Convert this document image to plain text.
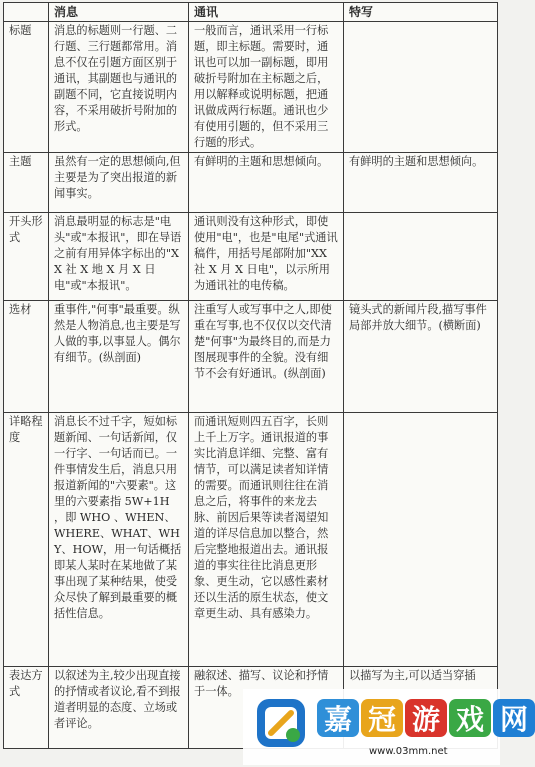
	消息	通讯	特写
标题	消息的标题则一行题、二行题、三行题都常用。消息不仅在引题方面区别于通讯，其副题也与通讯的副题不同，它直接说明内容，不采用破折号附加的形式。	一般而言，通讯采用一行标题，即主标题。需要时，通讯也可以加一副标题，即用破折号附加在主标题之后，用以解释或说明标题，把通讯做成两行标题。通讯也少有使用引题的，但不采用三行题的形式。	
主题	虽然有一定的思想倾向,但主要是为了突出报道的新闻事实。	有鲜明的主题和思想倾向。	有鲜明的主题和思想倾向。
开头形式	消息最明显的标志是"电头"或"本报讯"，即在导语之前有用异体字标出的"XX 社 X 地 X 月 X 日电"或"本报讯"。	通讯则没有这种形式，即使使用"电"，也是"电尾"式通讯稿件，用括号尾部附加"XX 社 X 月 X 日电"，以示所用为通讯社的电传稿。	
选材	重事件,"何事"最重要。纵然是人物消息,也主要是写人做的事,以事显人。偶尔有细节。(纵剖面)	注重写人或写事中之人,即使重在写事,也不仅仅以交代清楚"何事"为最终目的,而是力图展现事件的全貌。没有细节不会有好通讯。(纵剖面)	镜头式的新闻片段,描写事件局部并放大细节。(横断面)
详略程度	消息长不过千字，短如标题新闻、一句话新闻，仅一行字、一句话而已。一件事情发生后，消息只用报道新闻的"六要素"。这里的六要素指 5W+1H ，即 WHO 、WHEN、WHERE、WHAT、WHY、HOW，用一句话概括即某人某时在某地做了某事出现了某种结果，使受众尽快了解到最重要的概括性信息。	而通讯短则四五百字，长则上千上万字。通讯报道的事实比消息详细、完整、富有情节，可以满足读者知详情的需要。而通讯则往往在消息之后，将事件的来龙去脉、前因后果等读者渴望知道的详尽信息加以整合，然后完整地报道出去。通讯报道的事实往往比消息更形象、更生动，它以感性素材还以生活的原生状态，使文章更生动、具有感染力。	
表达方式	以叙述为主,较少出现直接的抒情或者议论,看不到报道者明显的态度、立场或者评论。	融叙述、描写、议论和抒情于一体。	以描写为主,可以适当穿插
嘉 冠 游 戏 网
www.03mm.net
